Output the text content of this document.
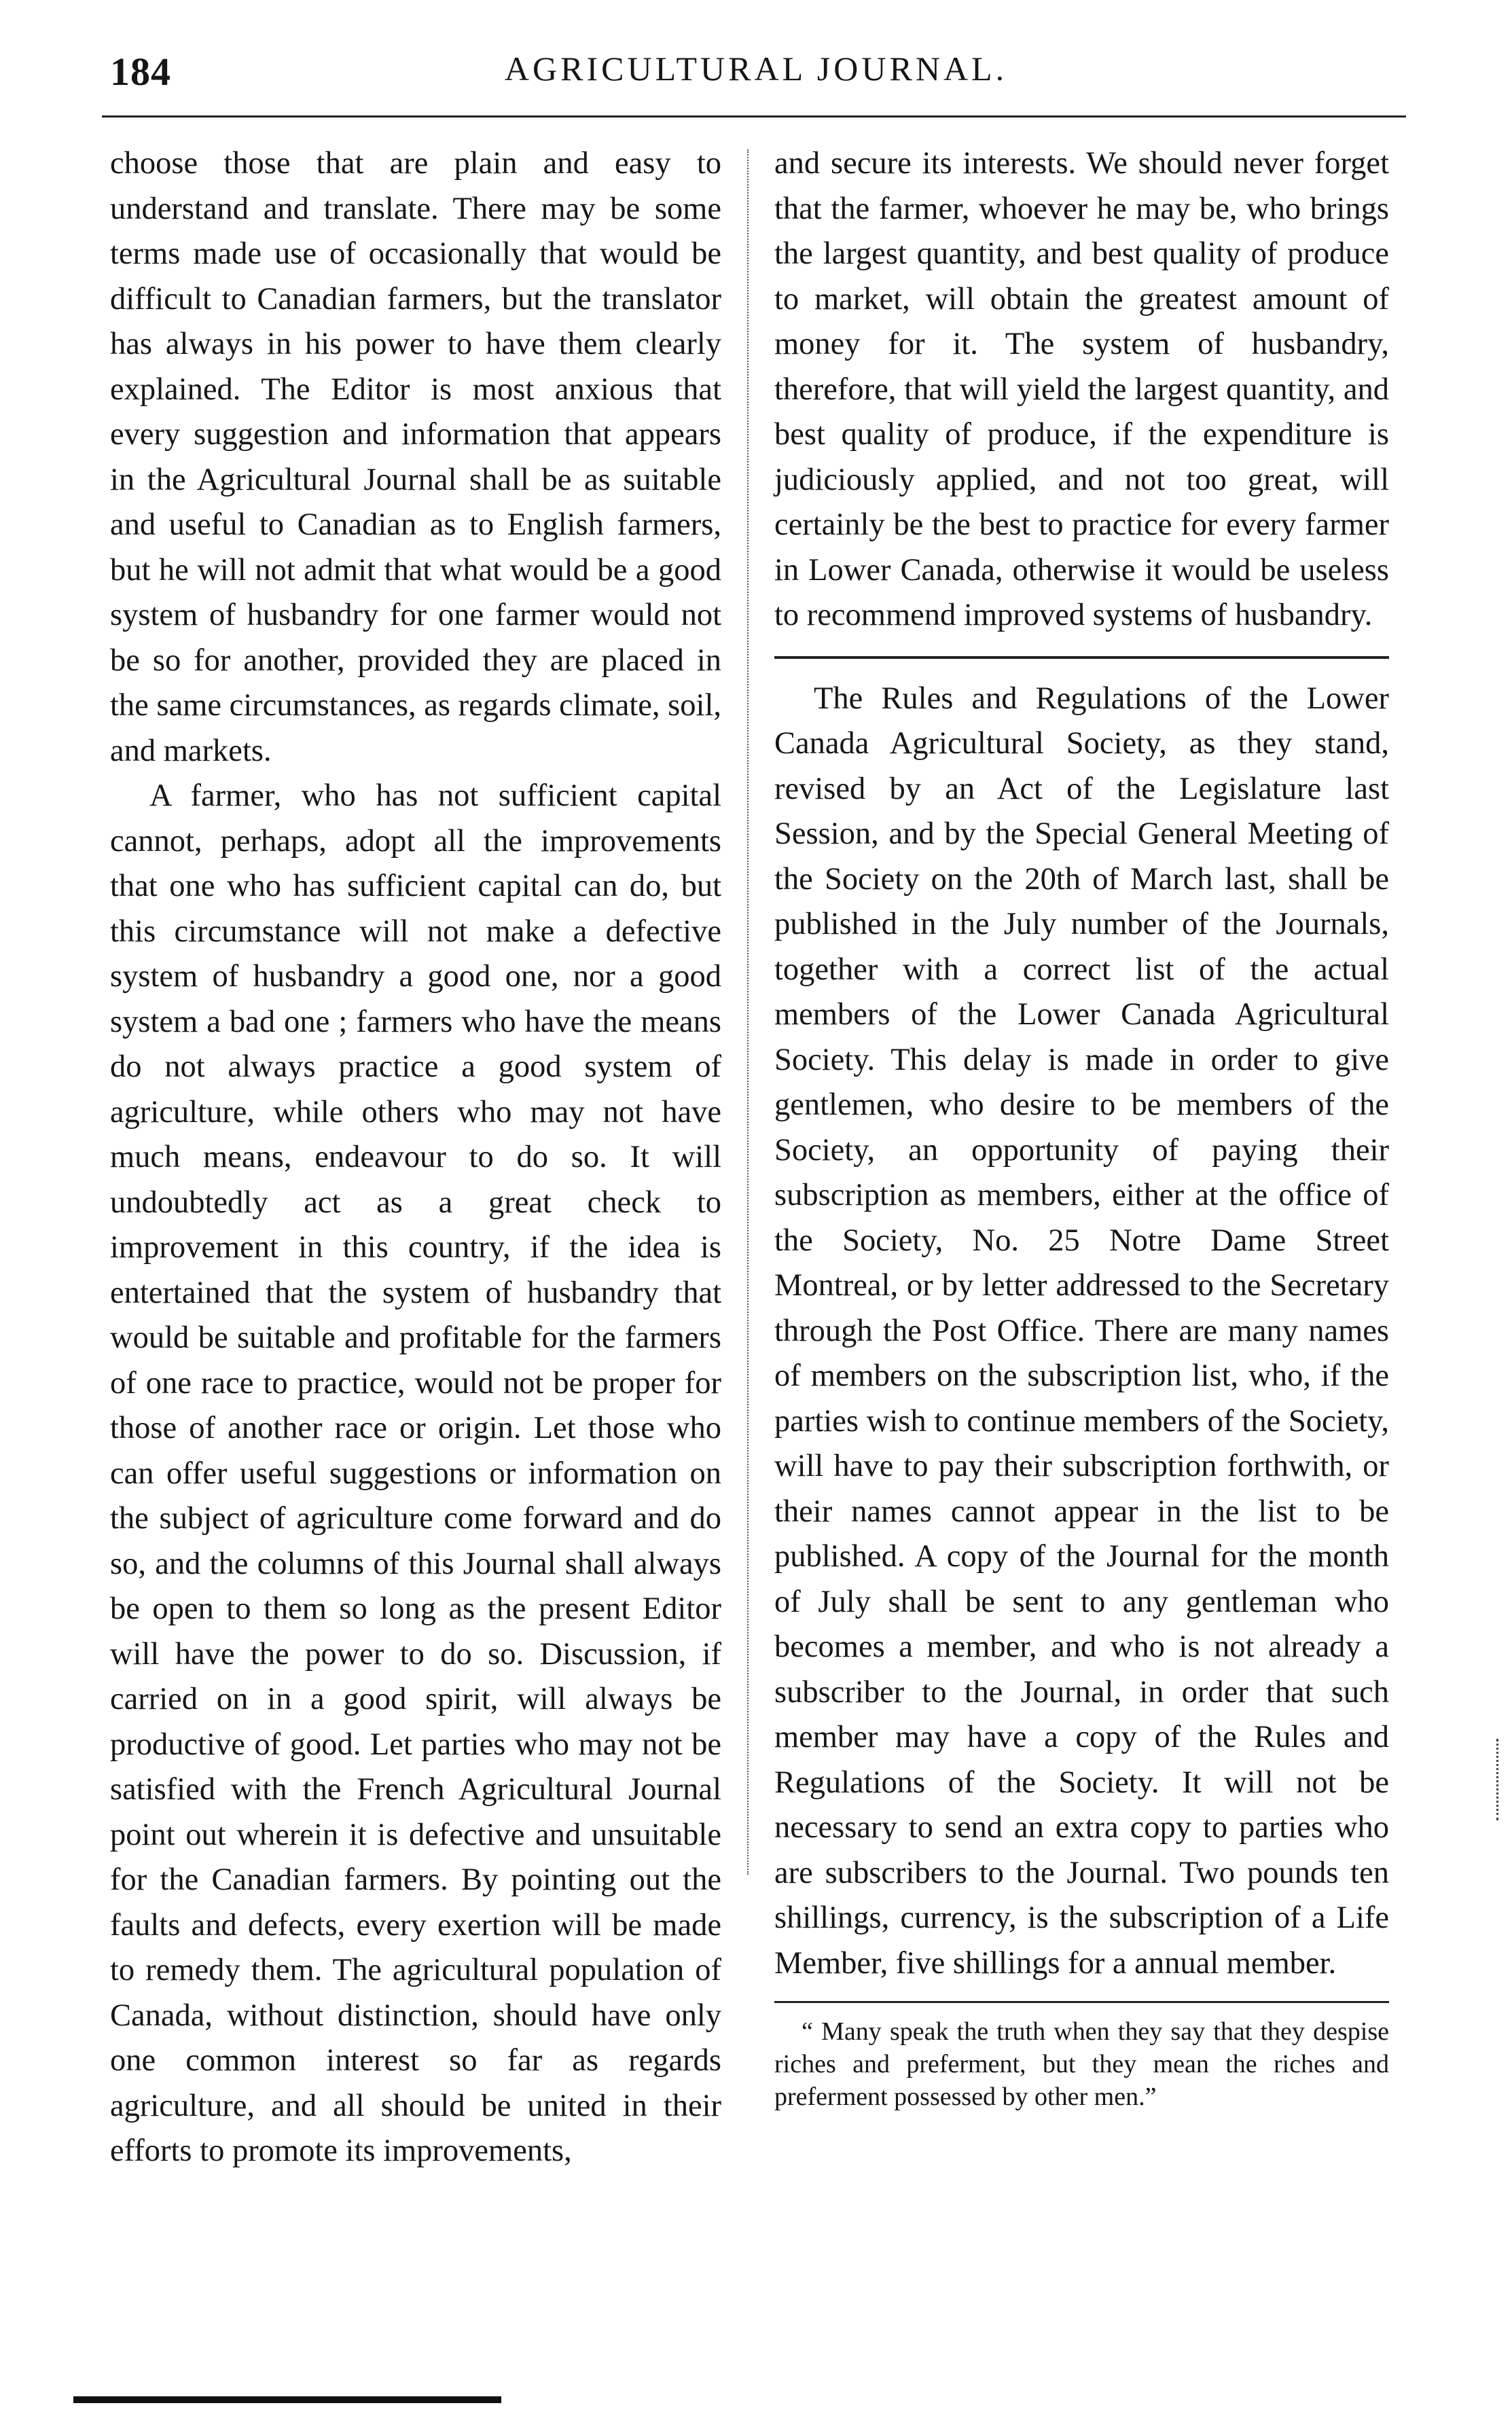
184	AGRICULTURAL JOURNAL.

choose those that are plain and easy to understand and translate. There may be some terms made use of occasionally that would be difficult to Canadian farmers, but the translator has always in his power to have them clearly explained. The Editor is most anxious that every suggestion and information that appears in the Agricultural Journal shall be as suitable and useful to Canadian as to English farmers, but he will not admit that what would be a good system of husbandry for one farmer would not be so for another, provided they are placed in the same circumstances, as regards climate, soil, and markets.

A farmer, who has not sufficient capital cannot, perhaps, adopt all the improvements that one who has sufficient capital can do, but this circumstance will not make a defective system of husbandry a good one, nor a good system a bad one ; farmers who have the means do not always practice a good system of agriculture, while others who may not have much means, endeavour to do so. It will undoubtedly act as a great check to improvement in this country, if the idea is entertained that the system of husbandry that would be suitable and profitable for the farmers of one race to practice, would not be proper for those of another race or origin. Let those who can offer useful suggestions or information on the subject of agriculture come forward and do so, and the columns of this Journal shall always be open to them so long as the present Editor will have the power to do so. Discussion, if carried on in a good spirit, will always be productive of good. Let parties who may not be satisfied with the French Agricultural Journal point out wherein it is defective and unsuitable for the Canadian farmers. By pointing out the faults and defects, every exertion will be made to remedy them. The agricultural population of Canada, without distinction, should have only one common interest so far as regards agriculture, and all should be united in their efforts to promote its improvements,

and secure its interests. We should never forget that the farmer, whoever he may be, who brings the largest quantity, and best quality of produce to market, will obtain the greatest amount of money for it. The system of husbandry, therefore, that will yield the largest quantity, and best quality of produce, if the expenditure is judiciously applied, and not too great, will certainly be the best to practice for every farmer in Lower Canada, otherwise it would be useless to recommend improved systems of husbandry.

The Rules and Regulations of the Lower Canada Agricultural Society, as they stand, revised by an Act of the Legislature last Session, and by the Special General Meeting of the Society on the 20th of March last, shall be published in the July number of the Journals, together with a correct list of the actual members of the Lower Canada Agricultural Society. This delay is made in order to give gentlemen, who desire to be members of the Society, an opportunity of paying their subscription as members, either at the office of the Society, No. 25 Notre Dame Street Montreal, or by letter addressed to the Secretary through the Post Office. There are many names of members on the subscription list, who, if the parties wish to continue members of the Society, will have to pay their subscription forthwith, or their names cannot appear in the list to be published. A copy of the Journal for the month of July shall be sent to any gentleman who becomes a member, and who is not already a subscriber to the Journal, in order that such member may have a copy of the Rules and Regulations of the Society. It will not be necessary to send an extra copy to parties who are subscribers to the Journal. Two pounds ten shillings, currency, is the subscription of a Life Member, five shillings for a annual member.

“ Many speak the truth when they say that they despise riches and preferment, but they mean the riches and preferment possessed by other men.”
